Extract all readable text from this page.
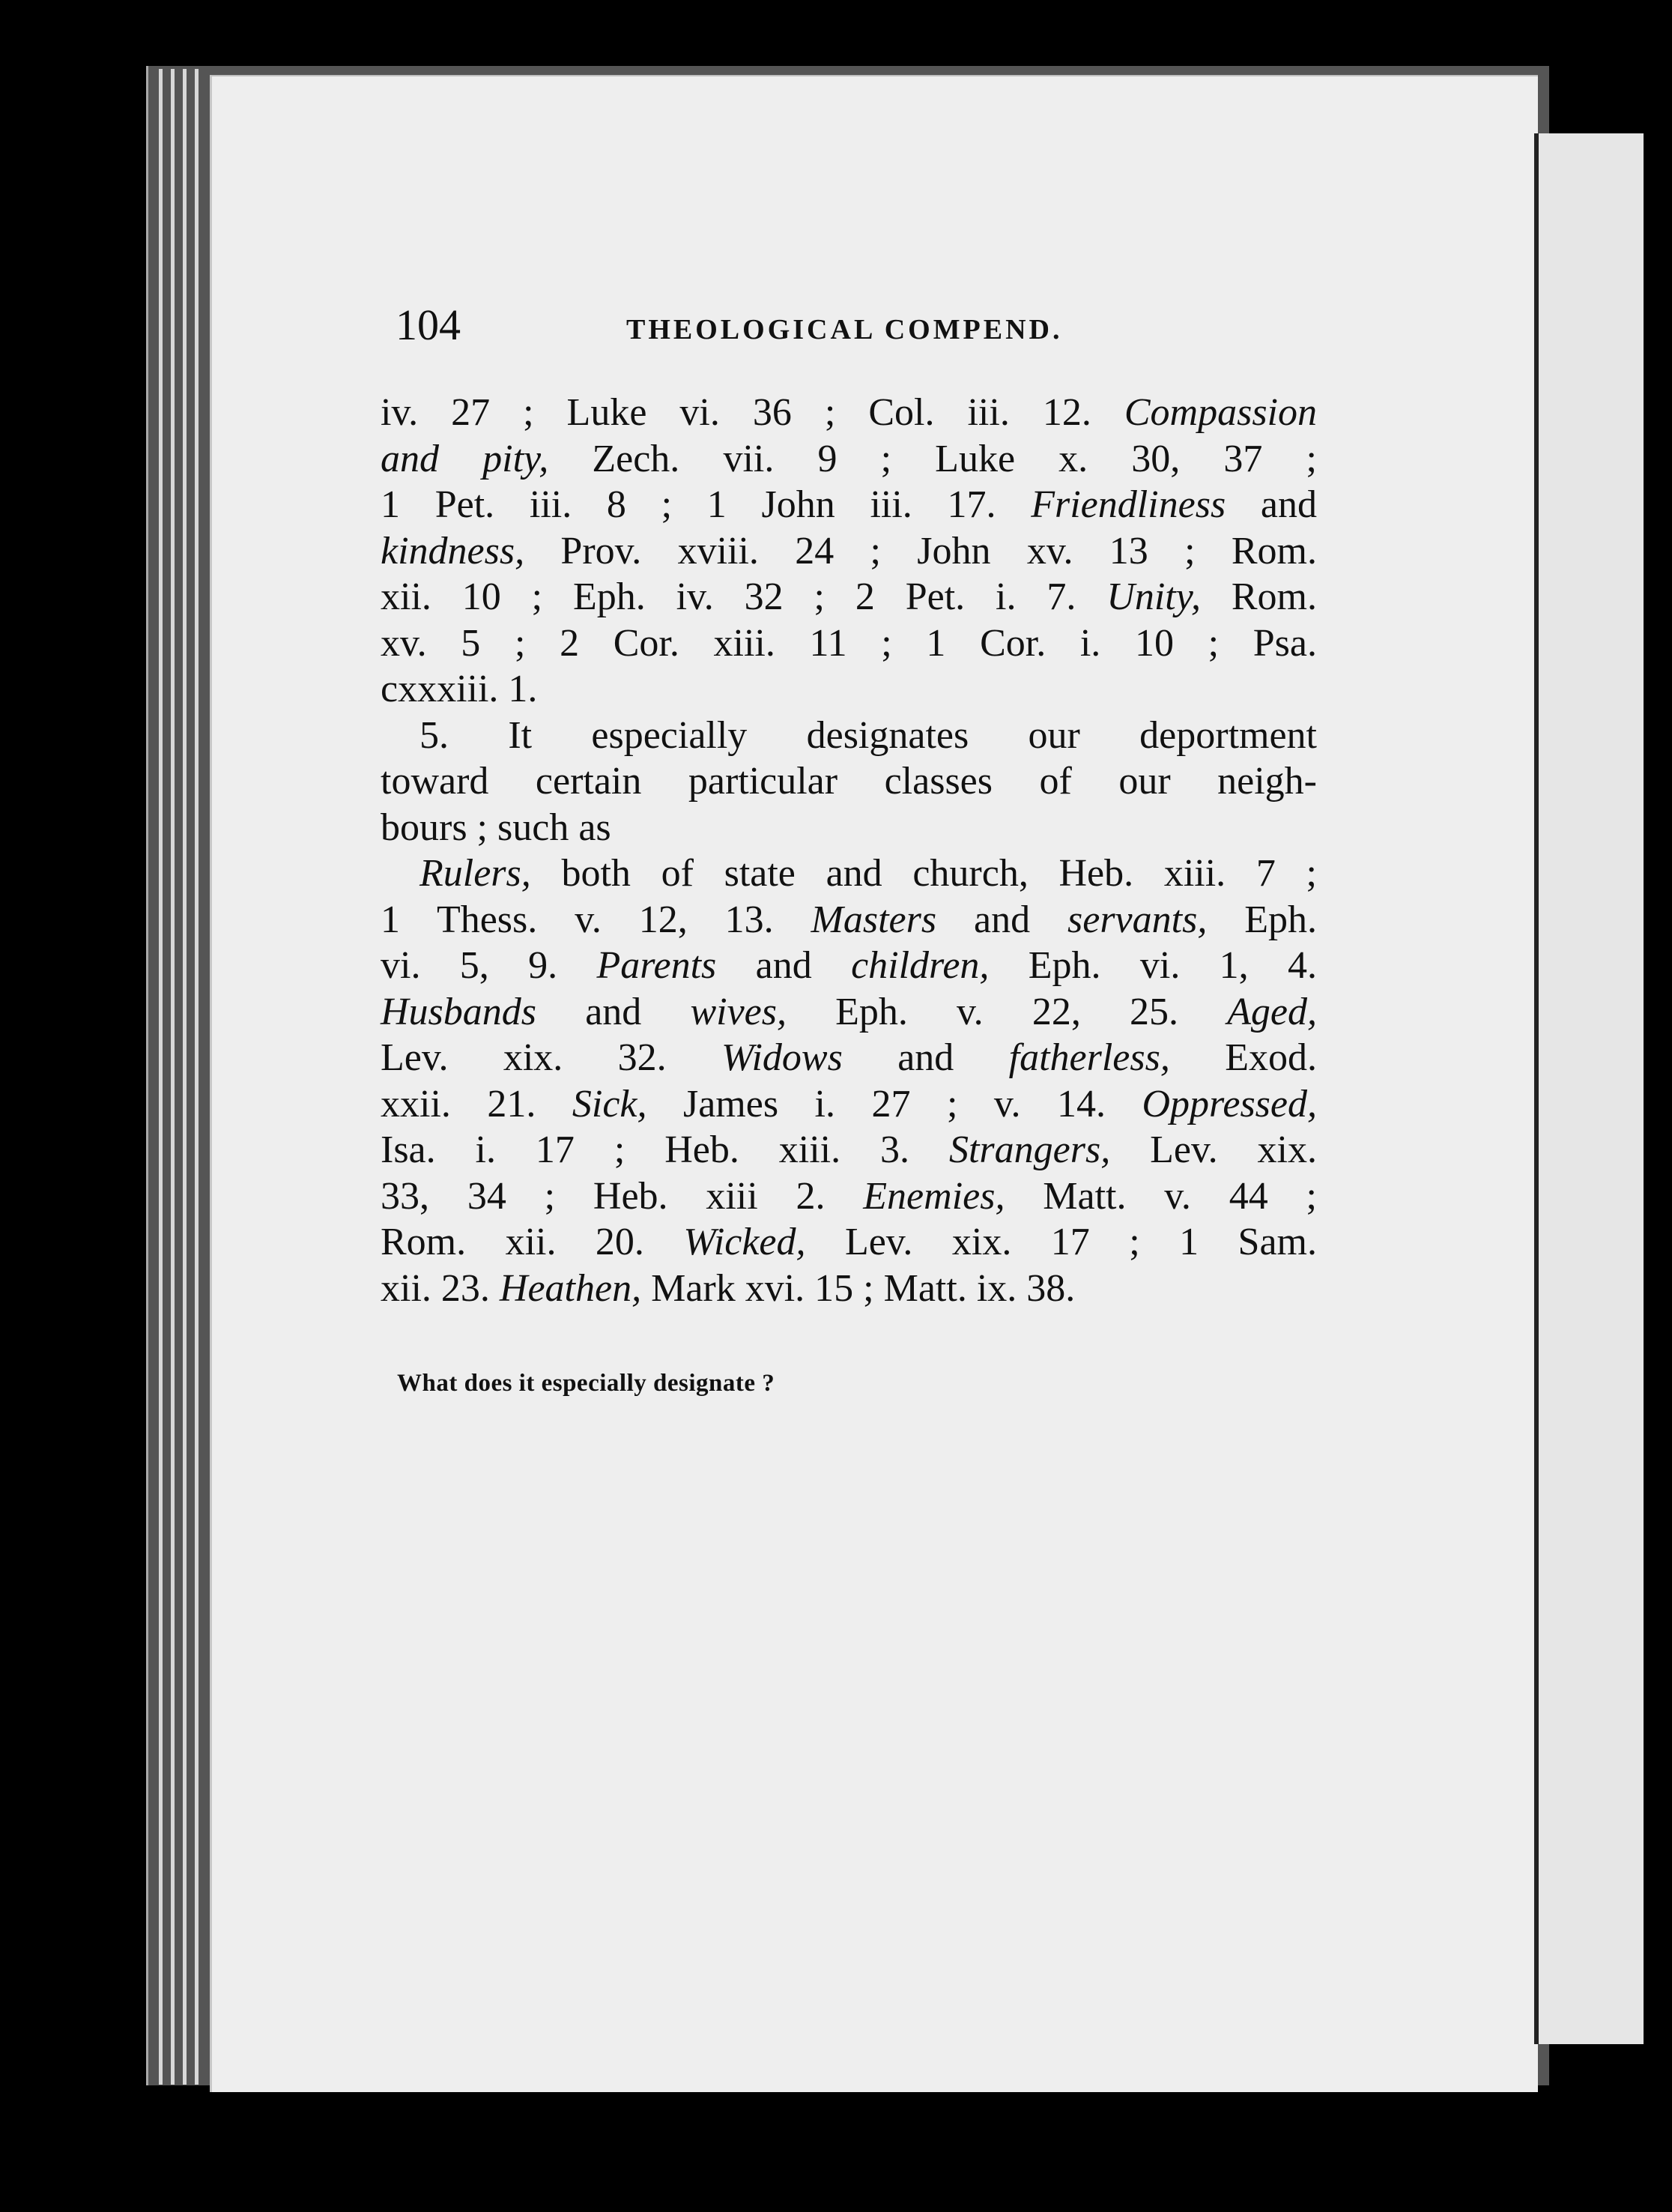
104	THEOLOGICAL COMPEND.
iv. 27 ; Luke vi. 36 ; Col. iii. 12. Compassion
and pity, Zech. vii. 9 ; Luke x. 30, 37 ;
1 Pet. iii. 8 ; 1 John iii. 17. Friendliness and
kindness, Prov. xviii. 24 ; John xv. 13 ; Rom.
xii. 10 ; Eph. iv. 32 ; 2 Pet. i. 7. Unity, Rom.
xv. 5 ; 2 Cor. xiii. 11 ; 1 Cor. i. 10 ; Psa.
cxxxiii. 1.
5. It especially designates our deportment
toward certain particular classes of our neigh-
bours ; such as
Rulers, both of state and church, Heb. xiii. 7 ;
1 Thess. v. 12, 13. Masters and servants, Eph.
vi. 5, 9. Parents and children, Eph. vi. 1, 4.
Husbands and wives, Eph. v. 22, 25. Aged,
Lev. xix. 32. Widows and fatherless, Exod.
xxii. 21. Sick, James i. 27 ; v. 14. Oppressed,
Isa. i. 17 ; Heb. xiii. 3. Strangers, Lev. xix.
33, 34 ; Heb. xiii 2. Enemies, Matt. v. 44 ;
Rom. xii. 20. Wicked, Lev. xix. 17 ; 1 Sam.
xii. 23. Heathen, Mark xvi. 15 ; Matt. ix. 38.
What does it especially designate ?
